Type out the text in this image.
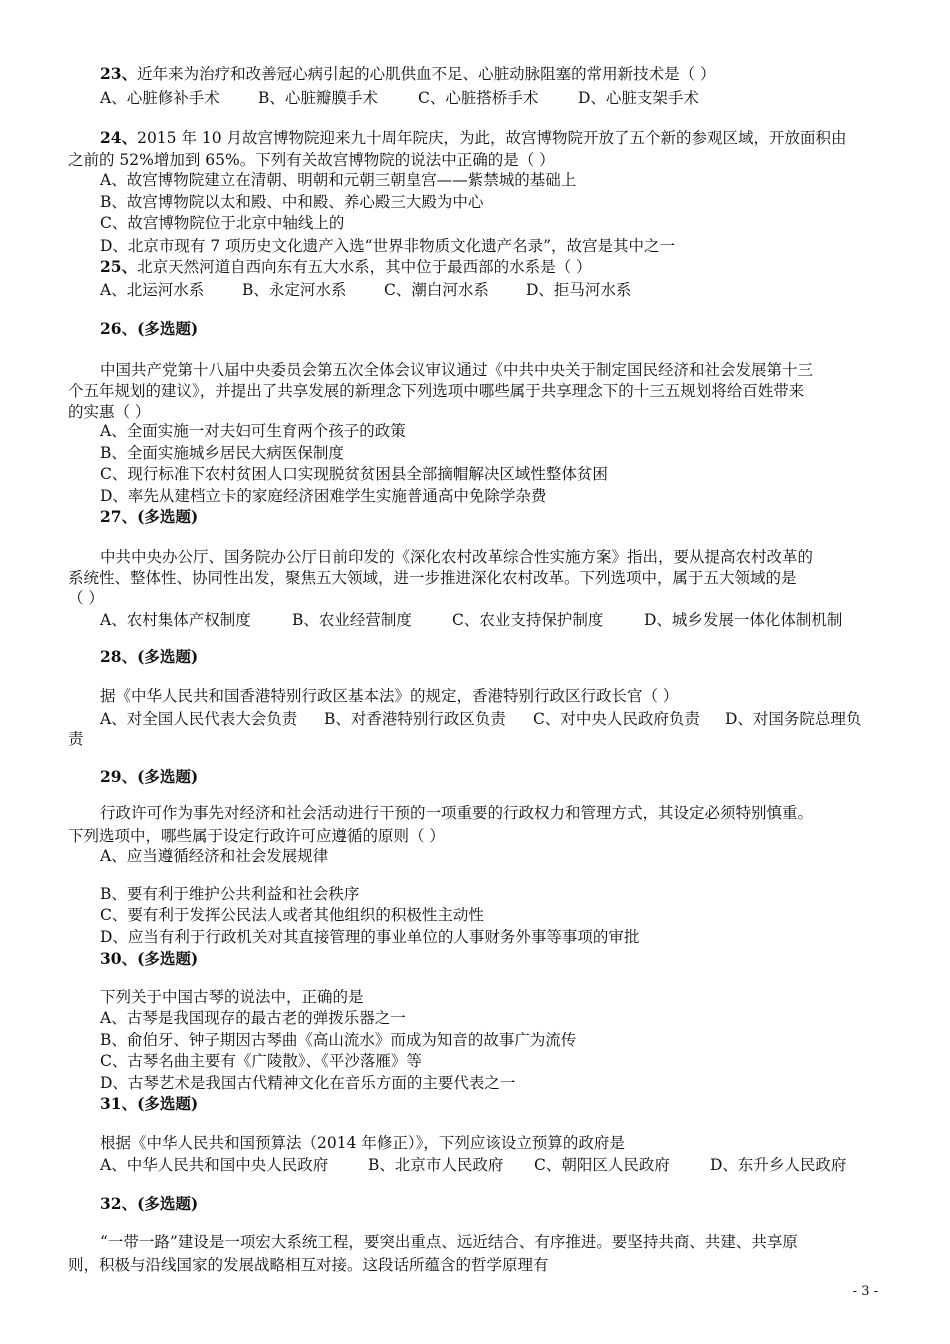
23、近年来为治疗和改善冠心病引起的心肌供血不足、心脏动脉阻塞的常用新技术是（ ）
A、心脏修补手术 B、心脏瓣膜手术	C、心脏搭桥手术	D、心脏支架手术
24、2015 年 10 月故宫博物院迎来九十周年院庆，为此，故宫博物院开放了五个新的参观区域，开放面积由
之前的 52%增加到 65%。下列有关故宫博物院的说法中正确的是（ ）
A、故宫博物院建立在清朝、明朝和元朝三朝皇宫——紫禁城的基础上
B、故宫博物院以太和殿、中和殿、养心殿三大殿为中心
C、故宫博物院位于北京中轴线上的
D、北京市现有 7 项历史文化遗产入选“世界非物质文化遗产名录”，故宫是其中之一
25、北京天然河道自西向东有五大水系，其中位于最西部的水系是（ ）
A、北运河水系 B、永定河水系 C、潮白河水系 D、拒马河水系
26、(多选题)
中国共产党第十八届中央委员会第五次全体会议审议通过《中共中央关于制定国民经济和社会发展第十三
个五年规划的建议》，并提出了共享发展的新理念下列选项中哪些属于共享理念下的十三五规划将给百姓带来
的实惠（ ）
A、全面实施一对夫妇可生育两个孩子的政策
B、全面实施城乡居民大病医保制度
C、现行标准下农村贫困人口实现脱贫贫困县全部摘帽解决区域性整体贫困
D、率先从建档立卡的家庭经济困难学生实施普通高中免除学杂费
27、(多选题)
中共中央办公厅、国务院办公厅日前印发的《深化农村改革综合性实施方案》指出，要从提高农村改革的
系统性、整体性、协同性出发，聚焦五大领域，进一步推进深化农村改革。下列选项中，属于五大领域的是
（ ）
A、农村集体产权制度	B、农业经营制度	C、农业支持保护制度	D、城乡发展一体化体制机制
28、(多选题)
据《中华人民共和国香港特别行政区基本法》的规定，香港特别行政区行政长官（ ）
A、对全国人民代表大会负责 B、对香港特别行政区负责 C、对中央人民政府负责 D、对国务院总理负
责
29、(多选题)
行政许可作为事先对经济和社会活动进行干预的一项重要的行政权力和管理方式，其设定必须特别慎重。
下列选项中，哪些属于设定行政许可应遵循的原则（ ）
A、应当遵循经济和社会发展规律
B、要有利于维护公共利益和社会秩序
C、要有利于发挥公民法人或者其他组织的积极性主动性
D、应当有利于行政机关对其直接管理的事业单位的人事财务外事等事项的审批
30、(多选题)
下列关于中国古琴的说法中，正确的是
A、古琴是我国现存的最古老的弹拨乐器之一
B、俞伯牙、钟子期因古琴曲《高山流水》而成为知音的故事广为流传
C、古琴名曲主要有《广陵散》、《平沙落雁》等
D、古琴艺术是我国古代精神文化在音乐方面的主要代表之一
31、(多选题)
根据《中华人民共和国预算法（2014 年修正）》，下列应该设立预算的政府是
A、中华人民共和国中央人民政府	B、北京市人民政府 C、朝阳区人民政府	D、东升乡人民政府
32、(多选题)
“一带一路”建设是一项宏大系统工程，要突出重点、远近结合、有序推进。要坚持共商、共建、共享原
则，积极与沿线国家的发展战略相互对接。这段话所蕴含的哲学原理有
- 3 -
